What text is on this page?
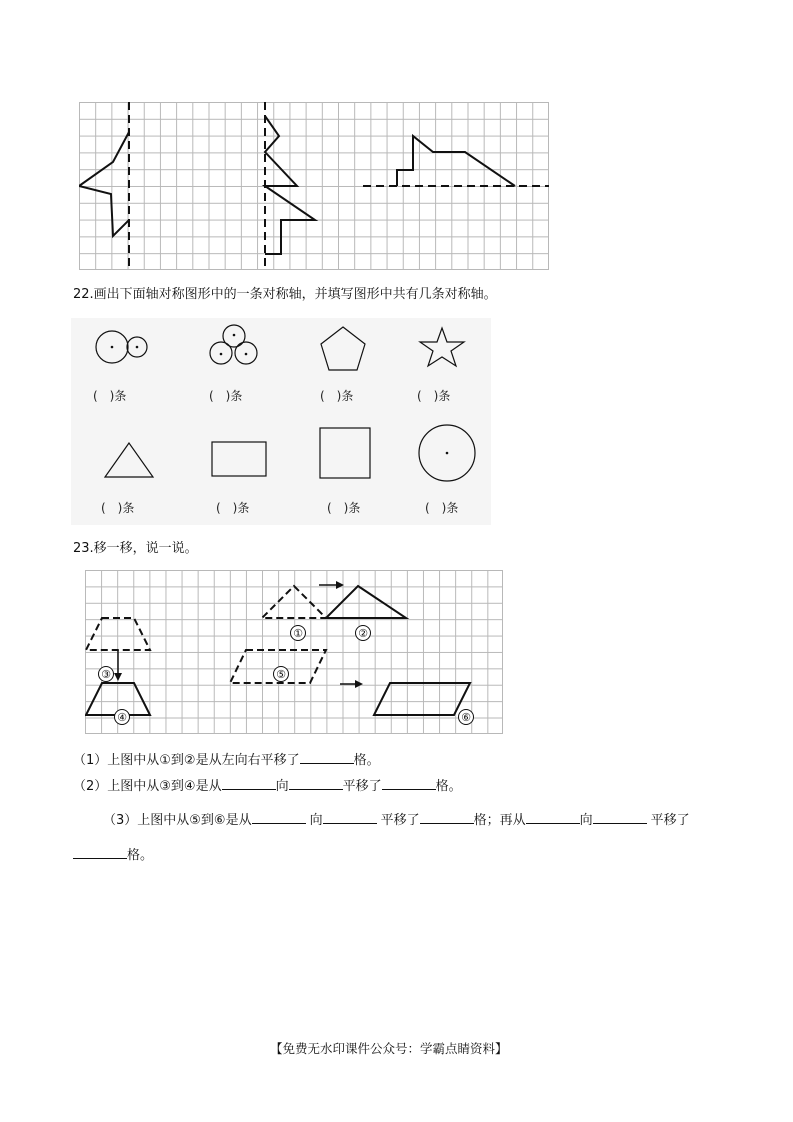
22.画出下面轴对称图形中的一条对称轴，并填写图形中共有几条对称轴。
(　)条	(　)条	(　)条	(　)条
(　)条	(　)条	(　)条	(　)条
23.移一移，说一说。
①	②
③
④
⑤
⑥
（1）上图中从①到②是从左向右平移了	格。
（2）上图中从③到④是从	向	平移了	格。
（3）上图中从⑤到⑥是从	向	平移了	格；再从	向	平移了
格。
【免费无水印课件公众号：学霸点睛资料】
